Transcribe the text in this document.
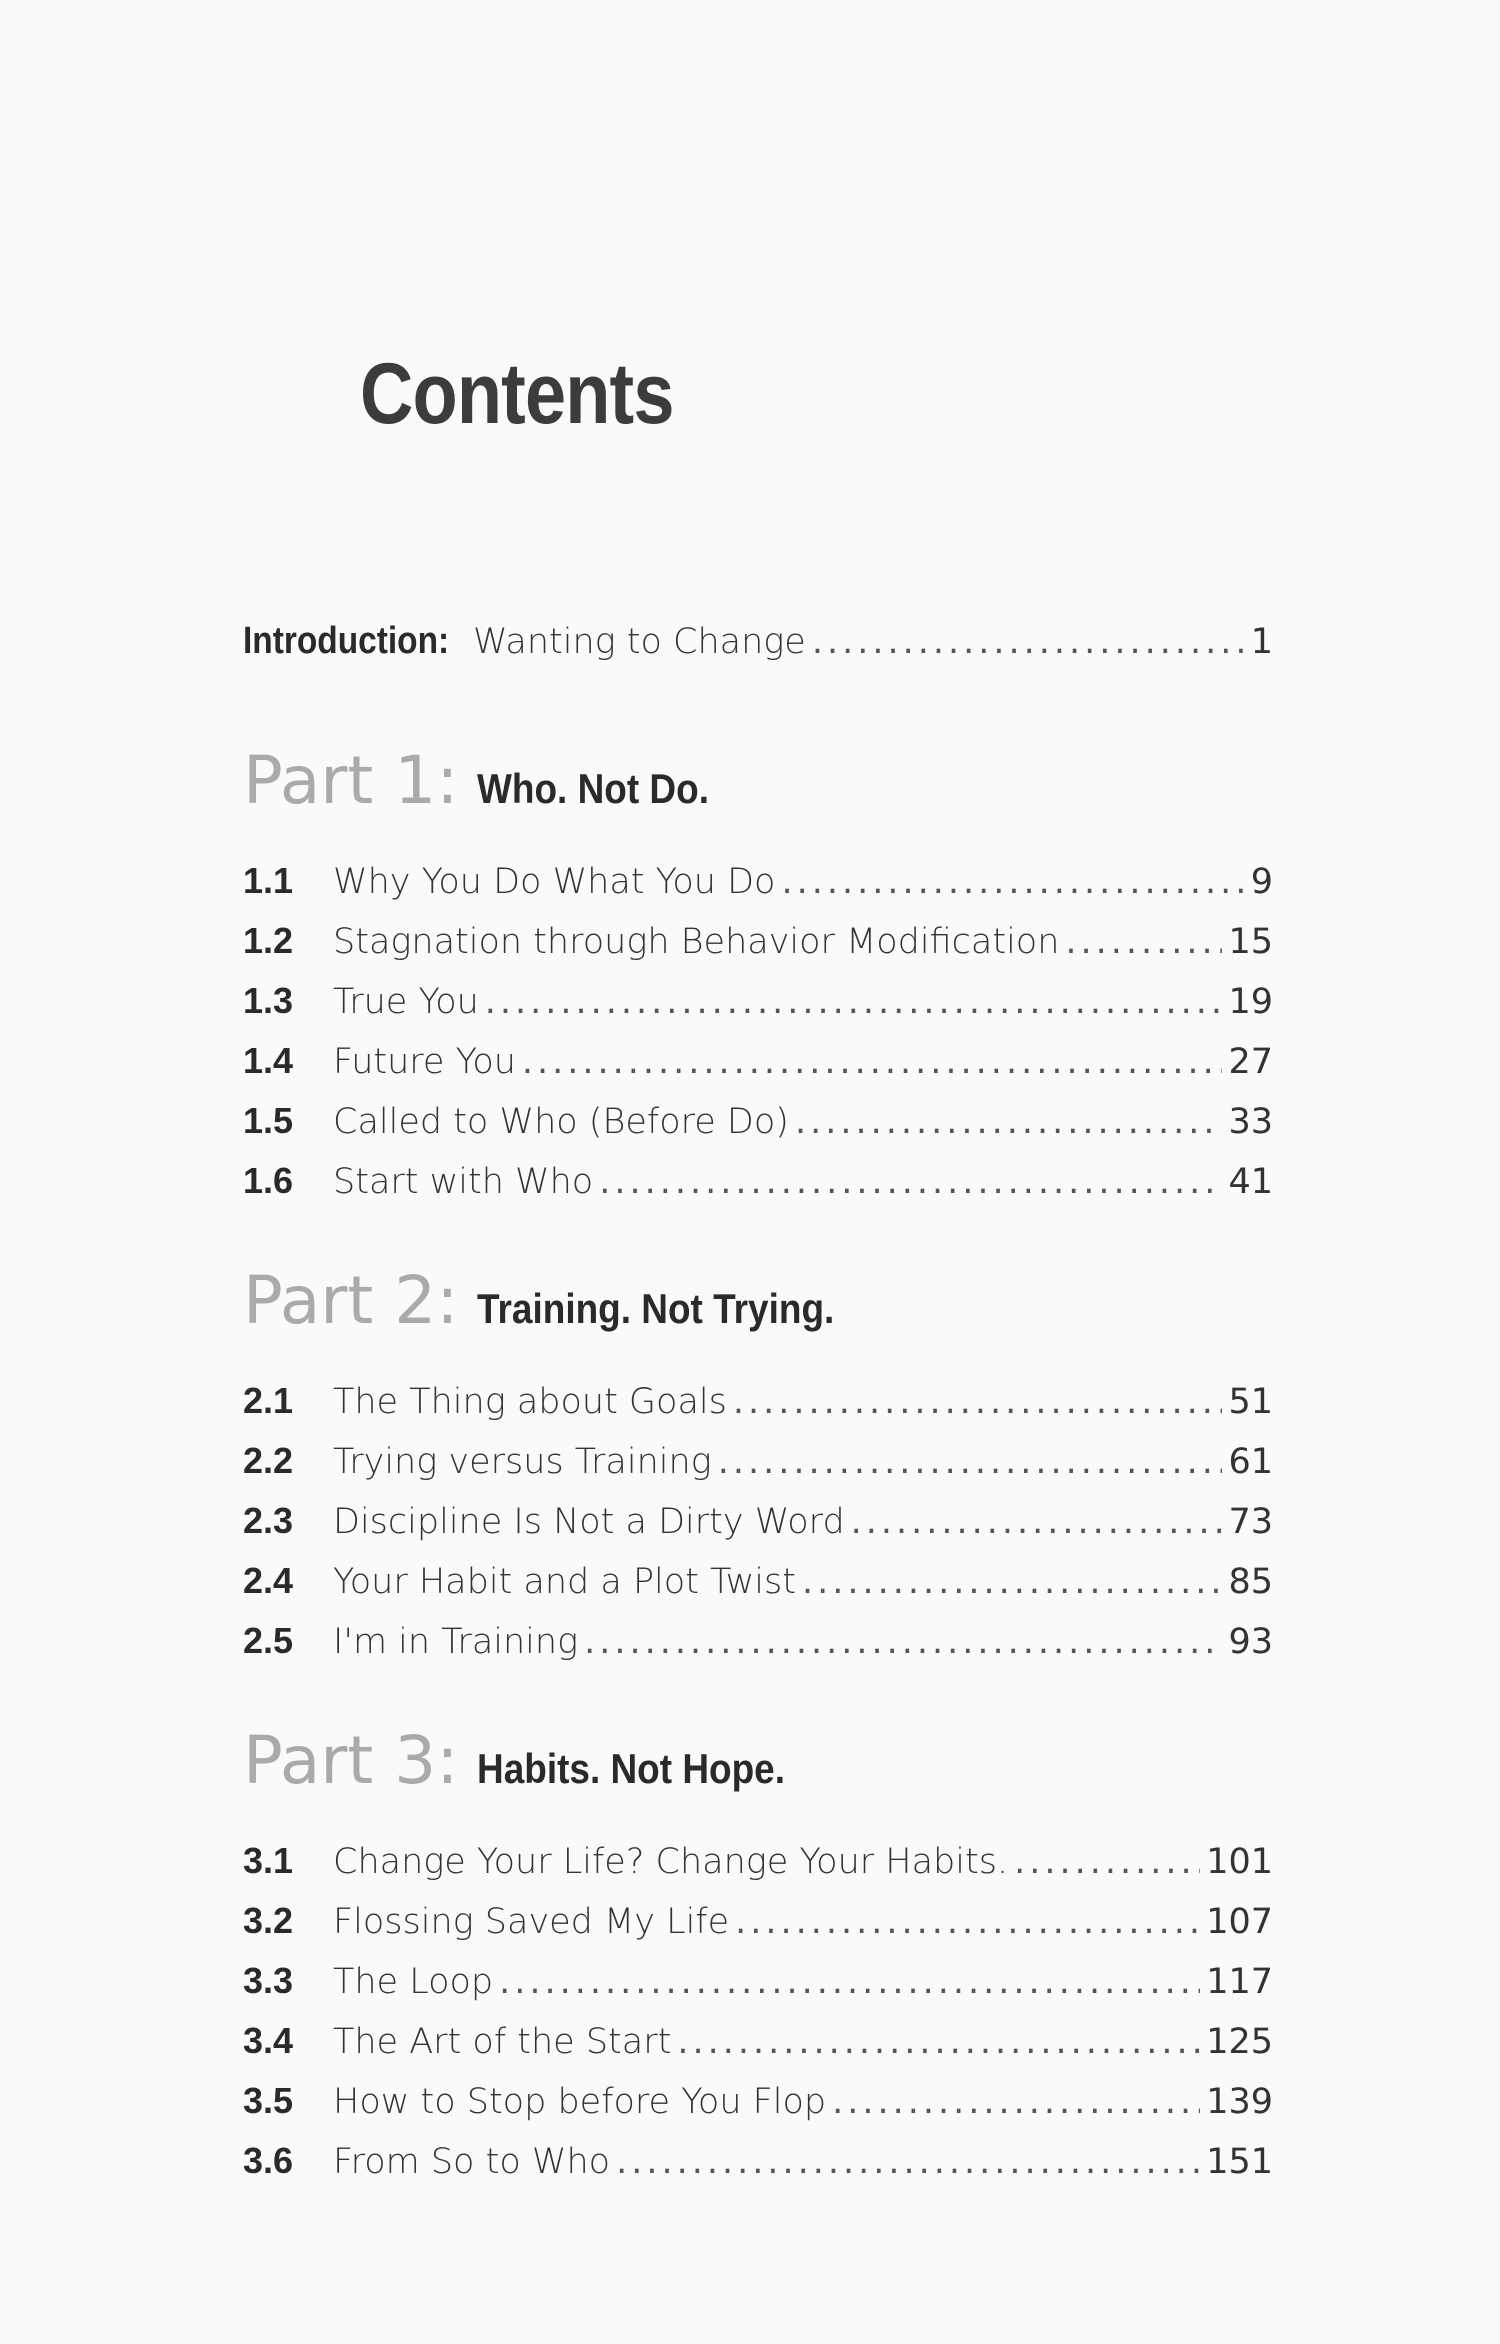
Contents
Introduction: Wanting to Change .....	1
Part 1: Who. Not Do.
1.1	Why You Do What You Do .....	9
1.2	Stagnation through Behavior Modification .....	15
1.3	True You .....	19
1.4	Future You .....	27
1.5	Called to Who (Before Do) .....	33
1.6	Start with Who .....	41
Part 2: Training. Not Trying.
2.1	The Thing about Goals .....	51
2.2	Trying versus Training .....	61
2.3	Discipline Is Not a Dirty Word .....	73
2.4	Your Habit and a Plot Twist .....	85
2.5	I'm in Training .....	93
Part 3: Habits. Not Hope.
3.1	Change Your Life? Change Your Habits. .....	101
3.2	Flossing Saved My Life .....	107
3.3	The Loop .....	117
3.4	The Art of the Start .....	125
3.5	How to Stop before You Flop .....	139
3.6	From So to Who .....	151
